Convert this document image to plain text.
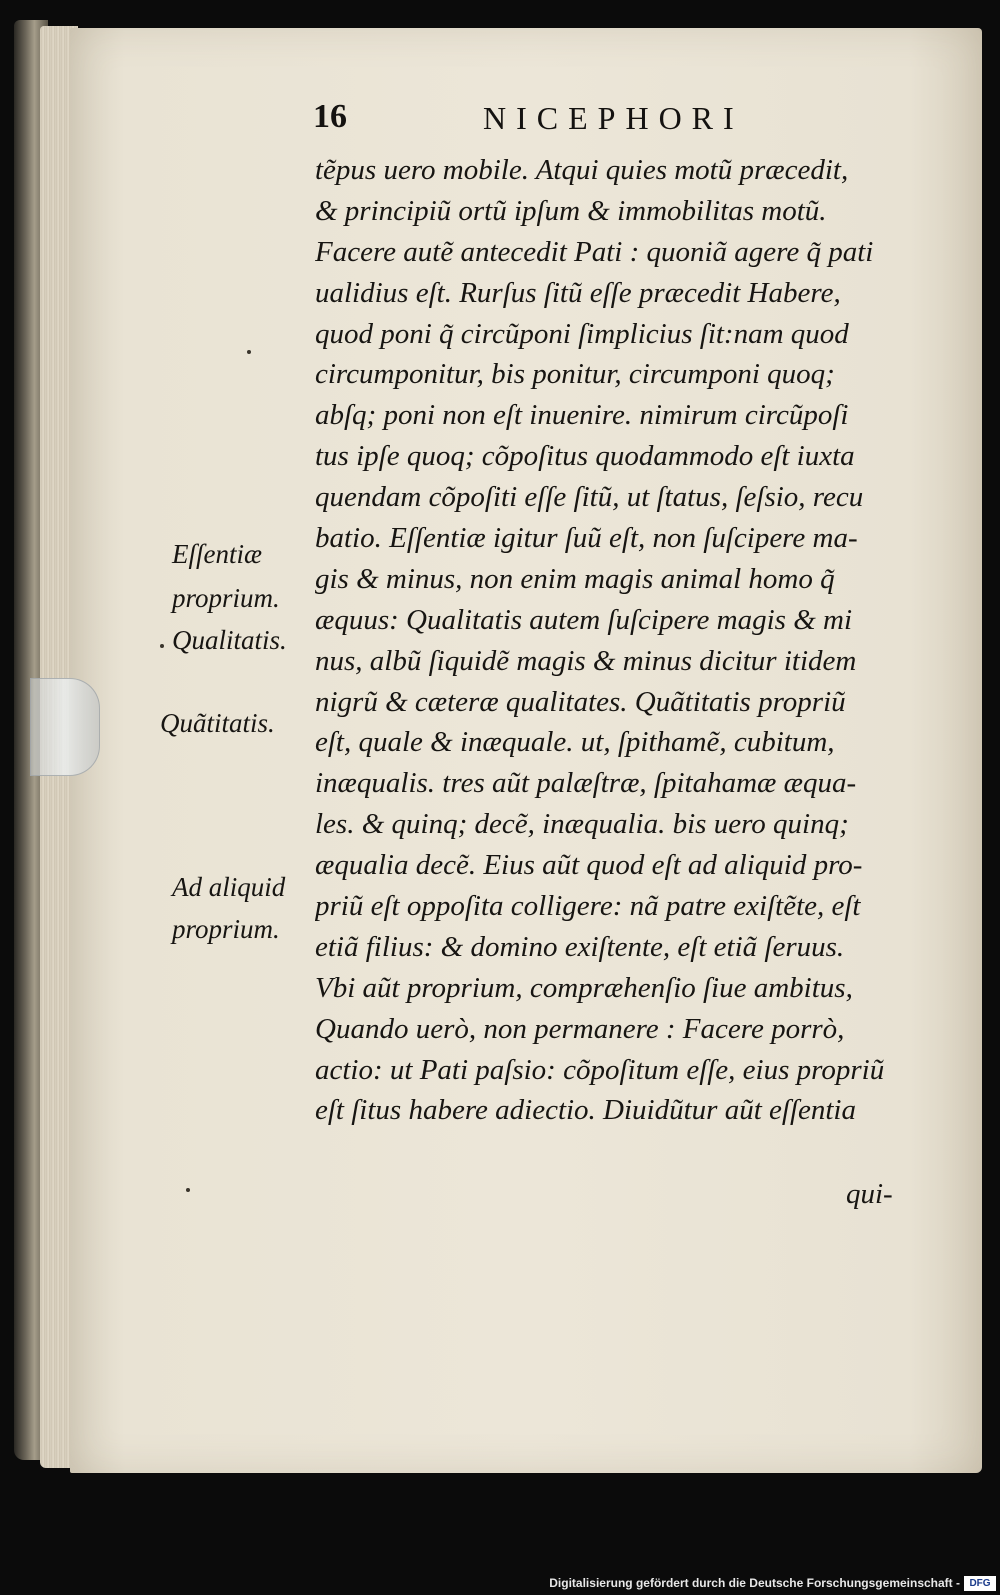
16	NICEPHORI
tẽpus uero mobile. Atqui quies motũ præcedit,
& principiũ ortũ ipſum & immobilitas motũ.
Facere autẽ antecedit Pati : quoniã agere q̃ pati
ualidius eſt. Rurſus ſitũ eſſe præcedit Habere,
quod poni q̃ circũponi ſimplicius ſit:nam quod
circumponitur, bis ponitur, circumponi quoq;
abſq; poni non eſt inuenire. nimirum circũpoſi
tus ipſe quoq; cõpoſitus quodammodo eſt iuxta
quendam cõpoſiti eſſe ſitũ, ut ſtatus, ſeſsio, recu
batio. Eſſentiæ igitur ſuũ eſt, non ſuſcipere ma-
gis & minus, non enim magis animal homo q̃
æquus: Qualitatis autem ſuſcipere magis & mi
nus, albũ ſiquidẽ magis & minus dicitur itidem
nigrũ & cæteræ qualitates. Quãtitatis propriũ
eſt, quale & inæquale. ut, ſpithamẽ, cubitum,
inæqualis. tres aũt palæſtræ, ſpitahamæ æqua-
les. & quinq; decẽ, inæqualia. bis uero quinq;
æqualia decẽ. Eius aũt quod eſt ad aliquid pro-
priũ eſt oppoſita colligere: nã patre exiſtẽte, eſt
etiã filius: & domino exiſtente, eſt etiã ſeruus.
Vbi aũt proprium, compræhenſio ſiue ambitus,
Quando uerò, non permanere : Facere porrò,
actio: ut Pati paſsio: cõpoſitum eſſe, eius propriũ
eſt ſitus habere adiectio. Diuidũtur aũt eſſentia
qui-
Eſſentiæ
proprium.
Qualitatis.
Quãtitatis.
Ad aliquid
proprium.
Digitalisierung gefördert durch die Deutsche Forschungsgemeinschaft - DFG
